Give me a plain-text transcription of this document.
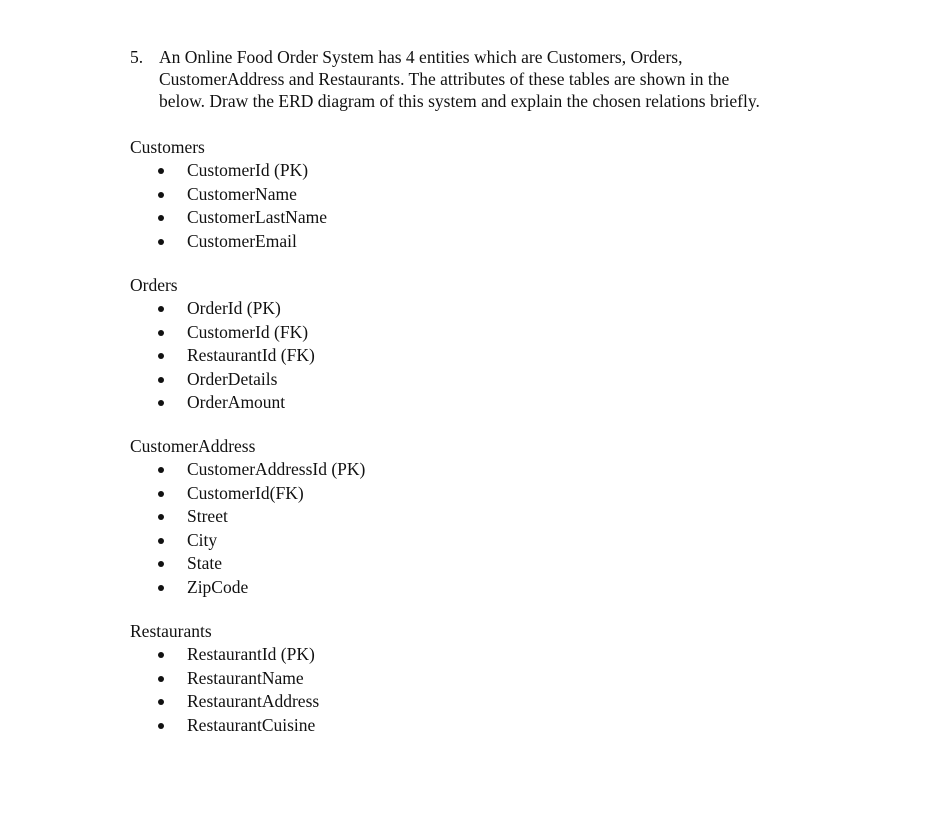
5. An Online Food Order System has 4 entities which are Customers, Orders,
CustomerAddress and Restaurants. The attributes of these tables are shown in the
below. Draw the ERD diagram of this system and explain the chosen relations briefly.
Customers
CustomerId (PK)
CustomerName
CustomerLastName
CustomerEmail
Orders
OrderId (PK)
CustomerId (FK)
RestaurantId (FK)
OrderDetails
OrderAmount
CustomerAddress
CustomerAddressId (PK)
CustomerId(FK)
Street
City
State
ZipCode
Restaurants
RestaurantId (PK)
RestaurantName
RestaurantAddress
RestaurantCuisine
